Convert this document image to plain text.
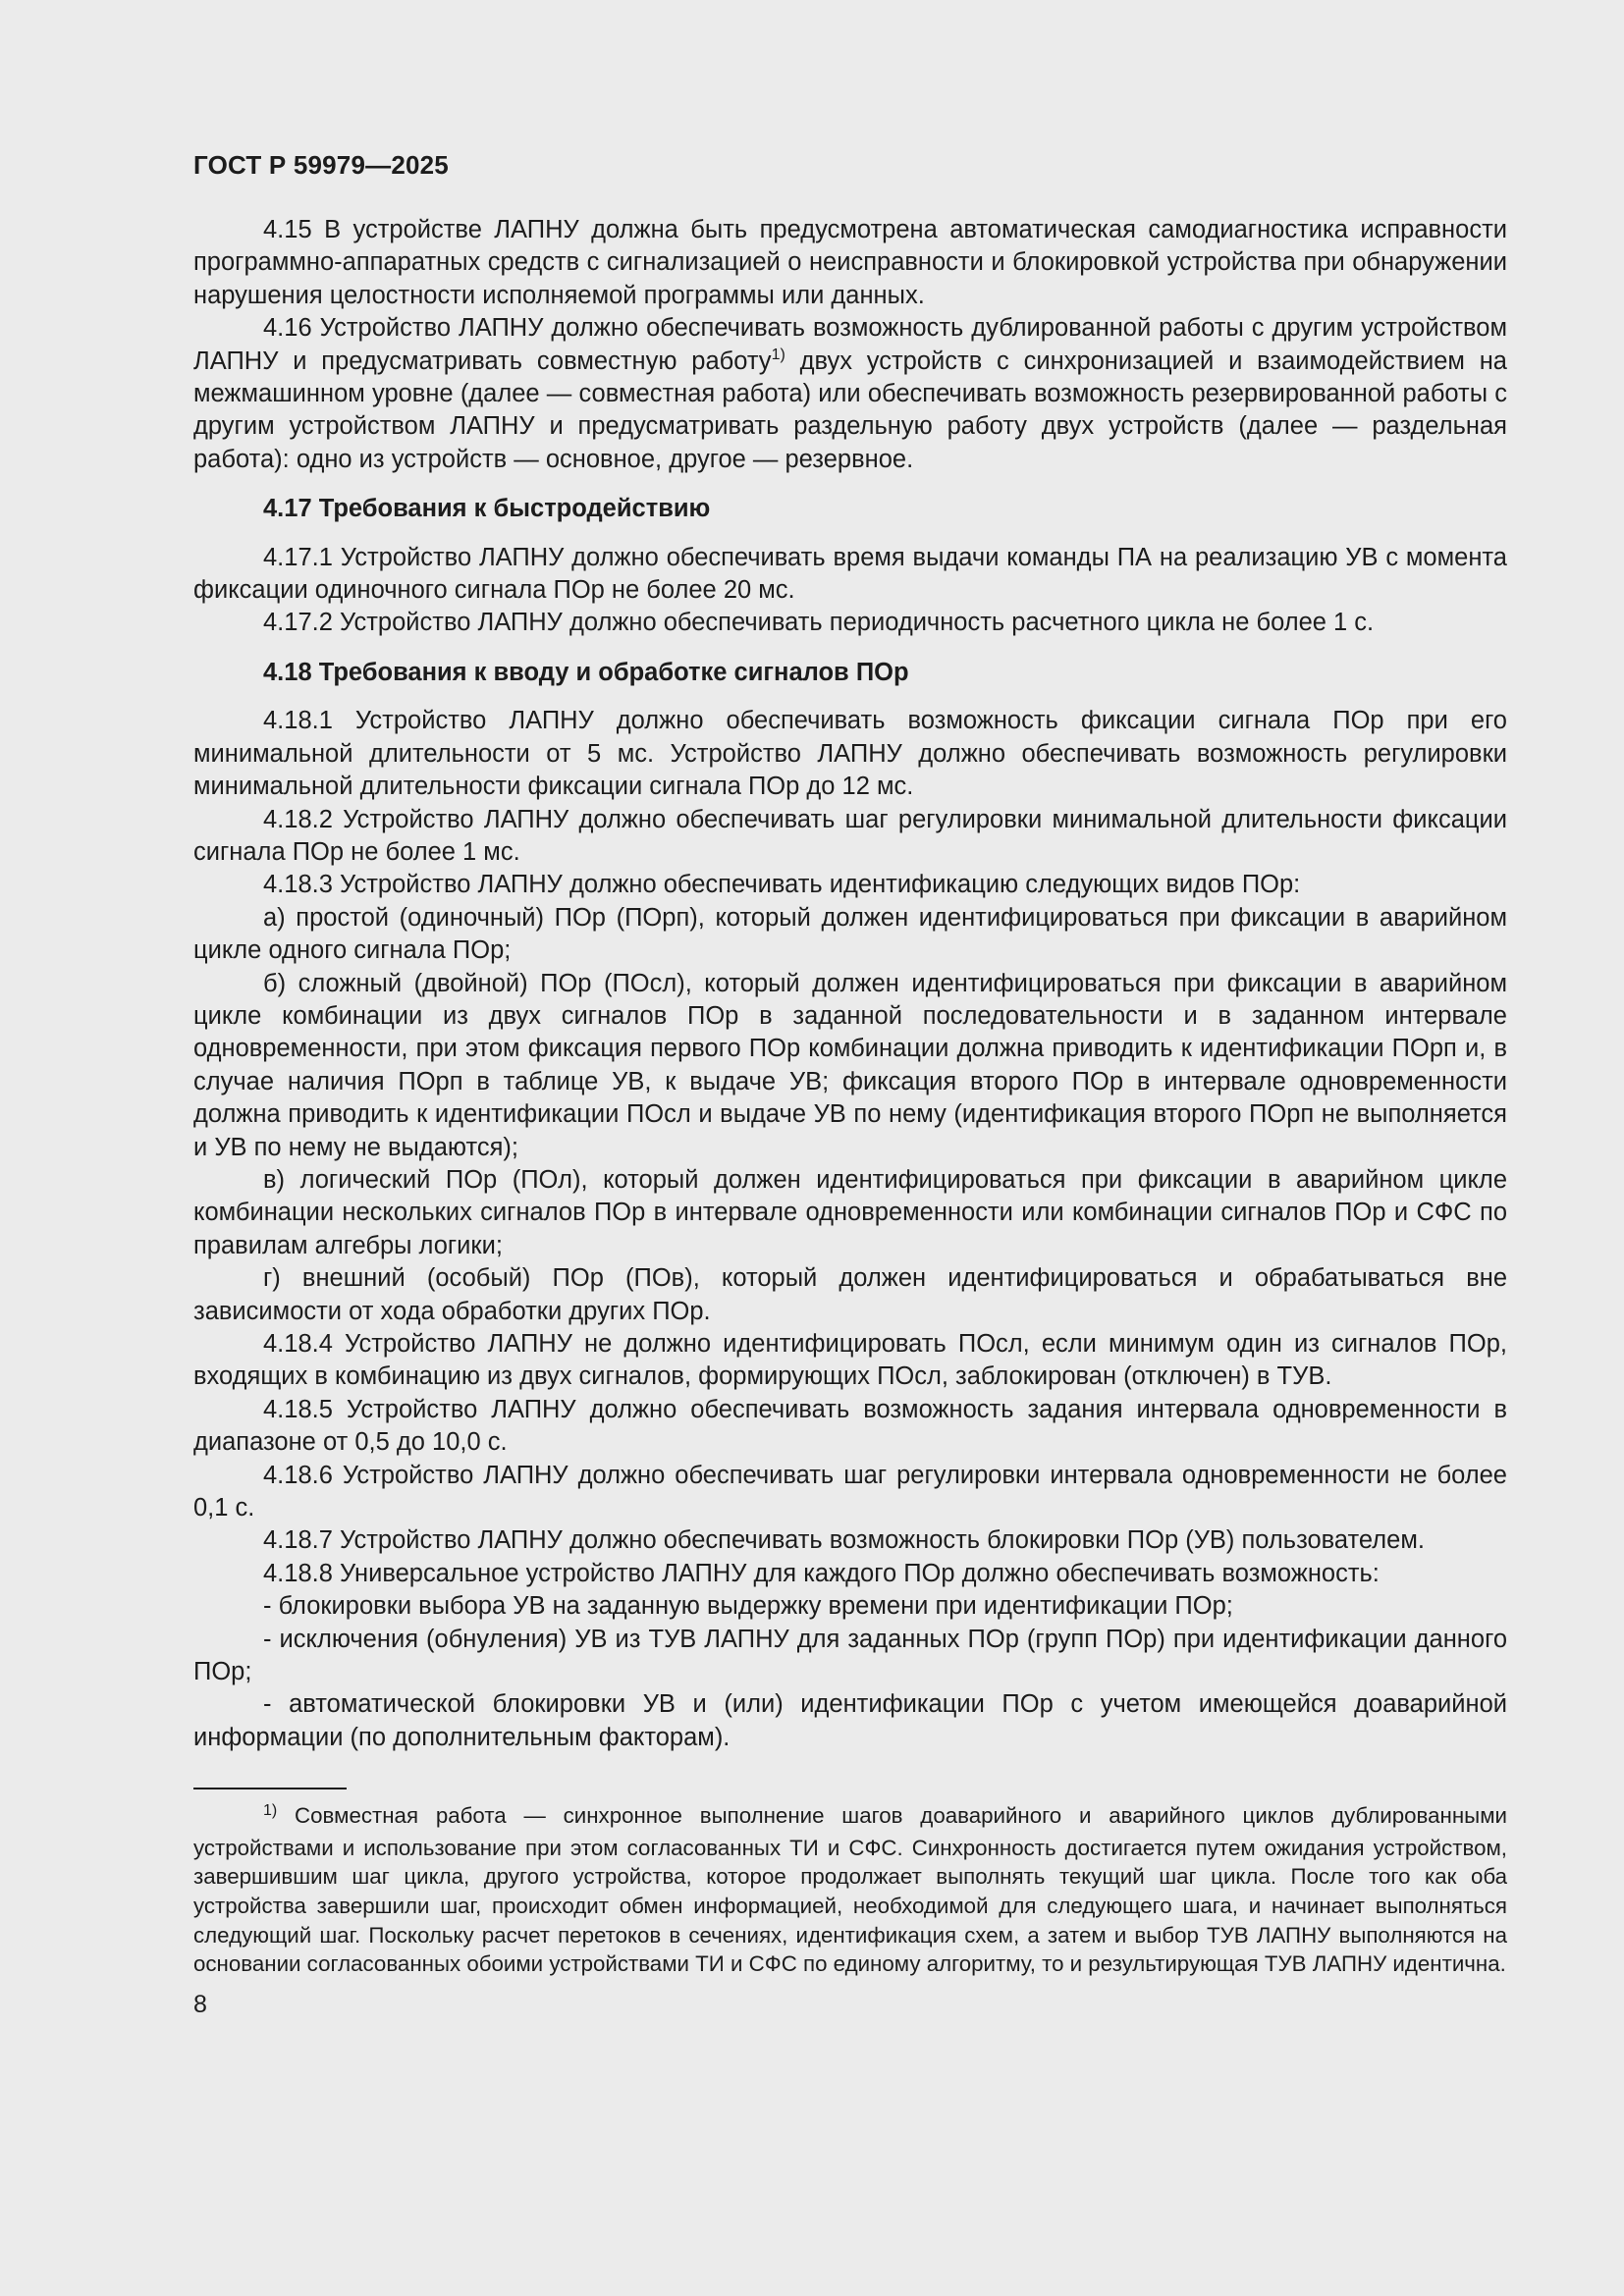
ГОСТ Р 59979—2025

4.15 В устройстве ЛАПНУ должна быть предусмотрена автоматическая самодиагностика исправности программно-аппаратных средств с сигнализацией о неисправности и блокировкой устройства при обнаружении нарушения целостности исполняемой программы или данных.

4.16 Устройство ЛАПНУ должно обеспечивать возможность дублированной работы с другим устройством ЛАПНУ и предусматривать совместную работу$^{1)}$ двух устройств с синхронизацией и взаимодействием на межмашинном уровне (далее — совместная работа) или обеспечивать возможность резервированной работы с другим устройством ЛАПНУ и предусматривать раздельную работу двух устройств (далее — раздельная работа): одно из устройств — основное, другое — резервное.

4.17 Требования к быстродействию

4.17.1 Устройство ЛАПНУ должно обеспечивать время выдачи команды ПА на реализацию УВ с момента фиксации одиночного сигнала ПОр не более 20 мс.

4.17.2 Устройство ЛАПНУ должно обеспечивать периодичность расчетного цикла не более 1 с.

4.18 Требования к вводу и обработке сигналов ПОр

4.18.1 Устройство ЛАПНУ должно обеспечивать возможность фиксации сигнала ПОр при его минимальной длительности от 5 мс. Устройство ЛАПНУ должно обеспечивать возможность регулировки минимальной длительности фиксации сигнала ПОр до 12 мс.

4.18.2 Устройство ЛАПНУ должно обеспечивать шаг регулировки минимальной длительности фиксации сигнала ПОр не более 1 мс.

4.18.3 Устройство ЛАПНУ должно обеспечивать идентификацию следующих видов ПОр:

а) простой (одиночный) ПОр (ПОрп), который должен идентифицироваться при фиксации в аварийном цикле одного сигнала ПОр;

б) сложный (двойной) ПОр (ПОсл), который должен идентифицироваться при фиксации в аварийном цикле комбинации из двух сигналов ПОр в заданной последовательности и в заданном интервале одновременности, при этом фиксация первого ПОр комбинации должна приводить к идентификации ПОрп и, в случае наличия ПОрп в таблице УВ, к выдаче УВ; фиксация второго ПОр в интервале одновременности должна приводить к идентификации ПОсл и выдаче УВ по нему (идентификация второго ПОрп не выполняется и УВ по нему не выдаются);

в) логический ПОр (ПОл), который должен идентифицироваться при фиксации в аварийном цикле комбинации нескольких сигналов ПОр в интервале одновременности или комбинации сигналов ПОр и СФС по правилам алгебры логики;

г) внешний (особый) ПОр (ПОв), который должен идентифицироваться и обрабатываться вне зависимости от хода обработки других ПОр.

4.18.4 Устройство ЛАПНУ не должно идентифицировать ПОсл, если минимум один из сигналов ПОр, входящих в комбинацию из двух сигналов, формирующих ПОсл, заблокирован (отключен) в ТУВ.

4.18.5 Устройство ЛАПНУ должно обеспечивать возможность задания интервала одновременности в диапазоне от 0,5 до 10,0 с.

4.18.6 Устройство ЛАПНУ должно обеспечивать шаг регулировки интервала одновременности не более 0,1 с.

4.18.7 Устройство ЛАПНУ должно обеспечивать возможность блокировки ПОр (УВ) пользователем.

4.18.8 Универсальное устройство ЛАПНУ для каждого ПОр должно обеспечивать возможность:

- блокировки выбора УВ на заданную выдержку времени при идентификации ПОр;

- исключения (обнуления) УВ из ТУВ ЛАПНУ для заданных ПОр (групп ПОр) при идентификации данного ПОр;

- автоматической блокировки УВ и (или) идентификации ПОр с учетом имеющейся доаварийной информации (по дополнительным факторам).

$^{1)}$ Совместная работа — синхронное выполнение шагов доаварийного и аварийного циклов дублированными устройствами и использование при этом согласованных ТИ и СФС. Синхронность достигается путем ожидания устройством, завершившим шаг цикла, другого устройства, которое продолжает выполнять текущий шаг цикла. После того как оба устройства завершили шаг, происходит обмен информацией, необходимой для следующего шага, и начинает выполняться следующий шаг. Поскольку расчет перетоков в сечениях, идентификация схем, а затем и выбор ТУВ ЛАПНУ выполняются на основании согласованных обоими устройствами ТИ и СФС по единому алгоритму, то и результирующая ТУВ ЛАПНУ идентична.

8
